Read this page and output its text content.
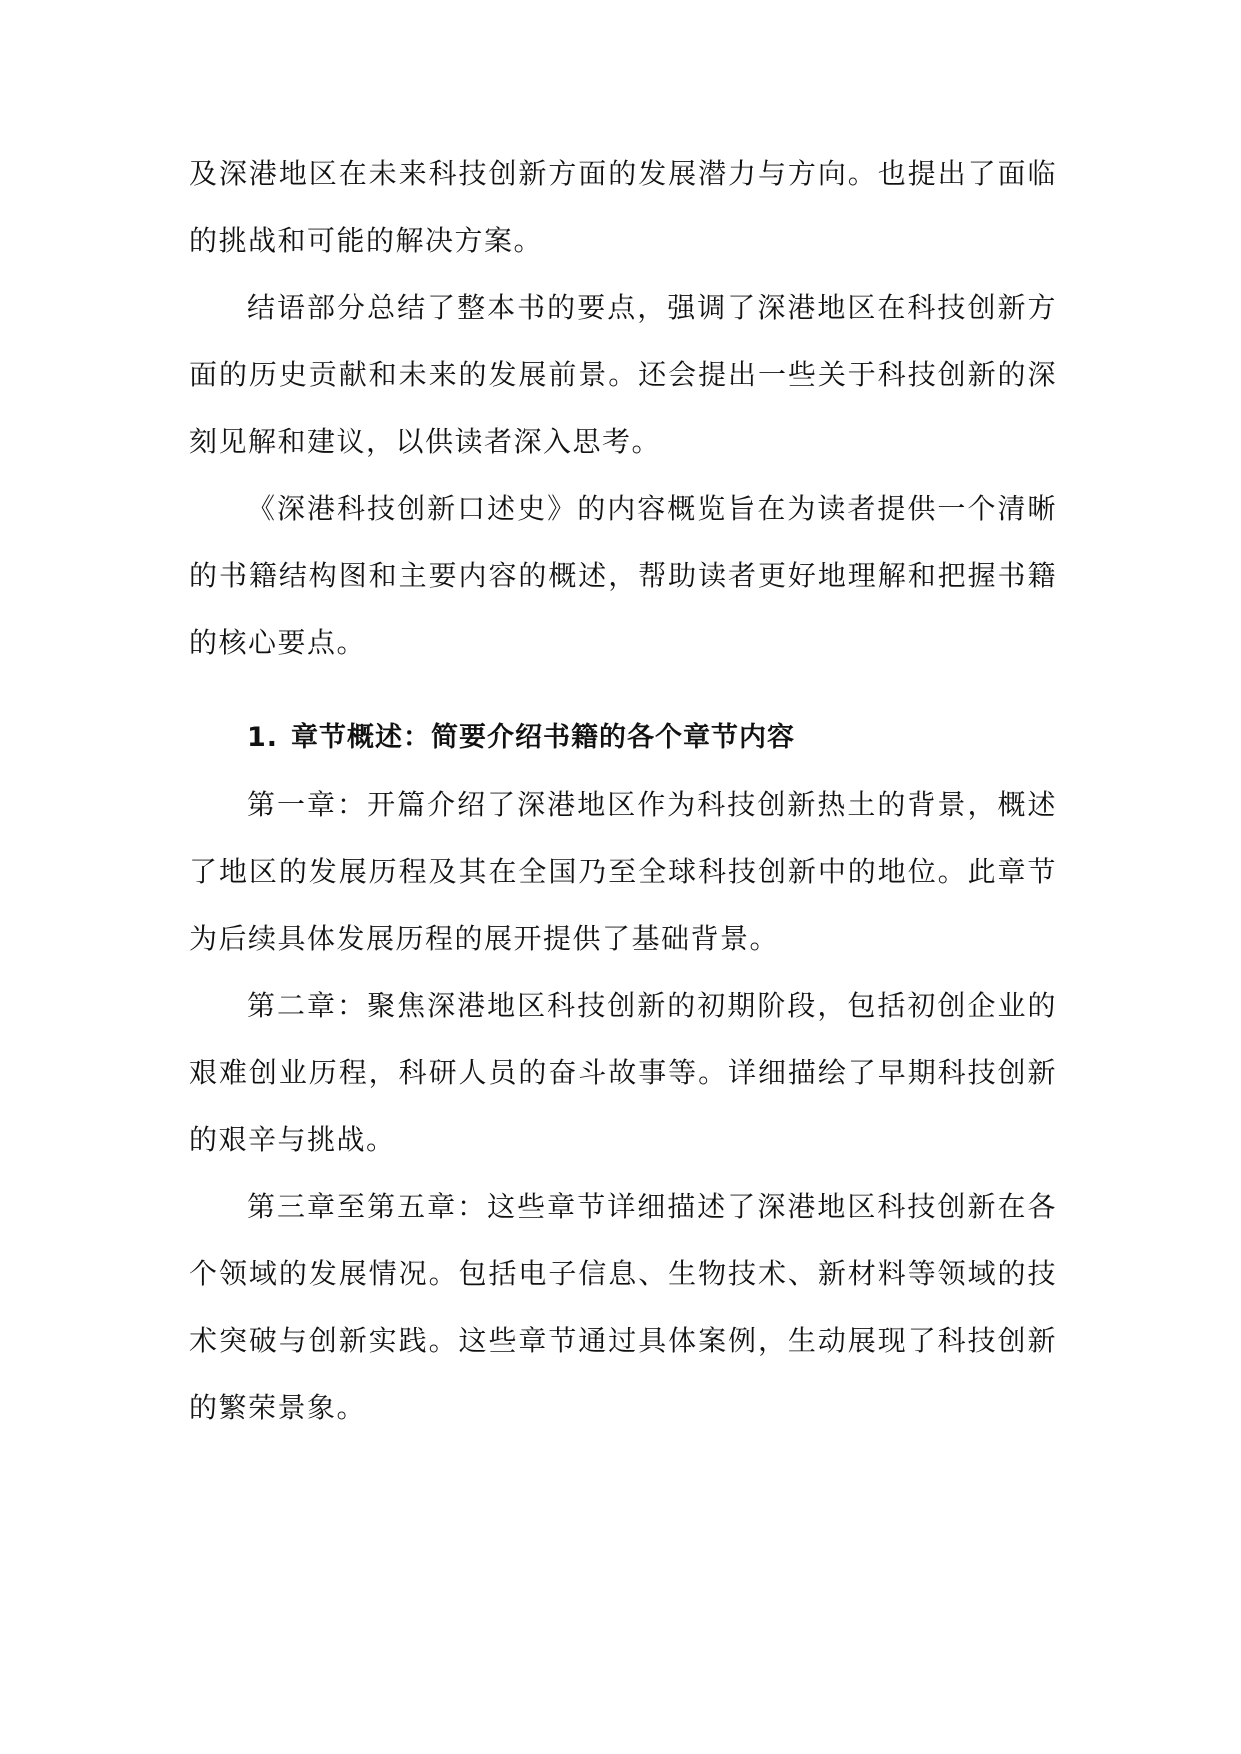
及深港地区在未来科技创新方面的发展潜力与方向。也提出了面临的挑战和可能的解决方案。

结语部分总结了整本书的要点，强调了深港地区在科技创新方面的历史贡献和未来的发展前景。还会提出一些关于科技创新的深刻见解和建议，以供读者深入思考。

《深港科技创新口述史》的内容概览旨在为读者提供一个清晰的书籍结构图和主要内容的概述，帮助读者更好地理解和把握书籍的核心要点。

1. 章节概述：简要介绍书籍的各个章节内容

第一章：开篇介绍了深港地区作为科技创新热土的背景，概述了地区的发展历程及其在全国乃至全球科技创新中的地位。此章节为后续具体发展历程的展开提供了基础背景。

第二章：聚焦深港地区科技创新的初期阶段，包括初创企业的艰难创业历程，科研人员的奋斗故事等。详细描绘了早期科技创新的艰辛与挑战。

第三章至第五章：这些章节详细描述了深港地区科技创新在各个领域的发展情况。包括电子信息、生物技术、新材料等领域的技术突破与创新实践。这些章节通过具体案例，生动展现了科技创新的繁荣景象。
